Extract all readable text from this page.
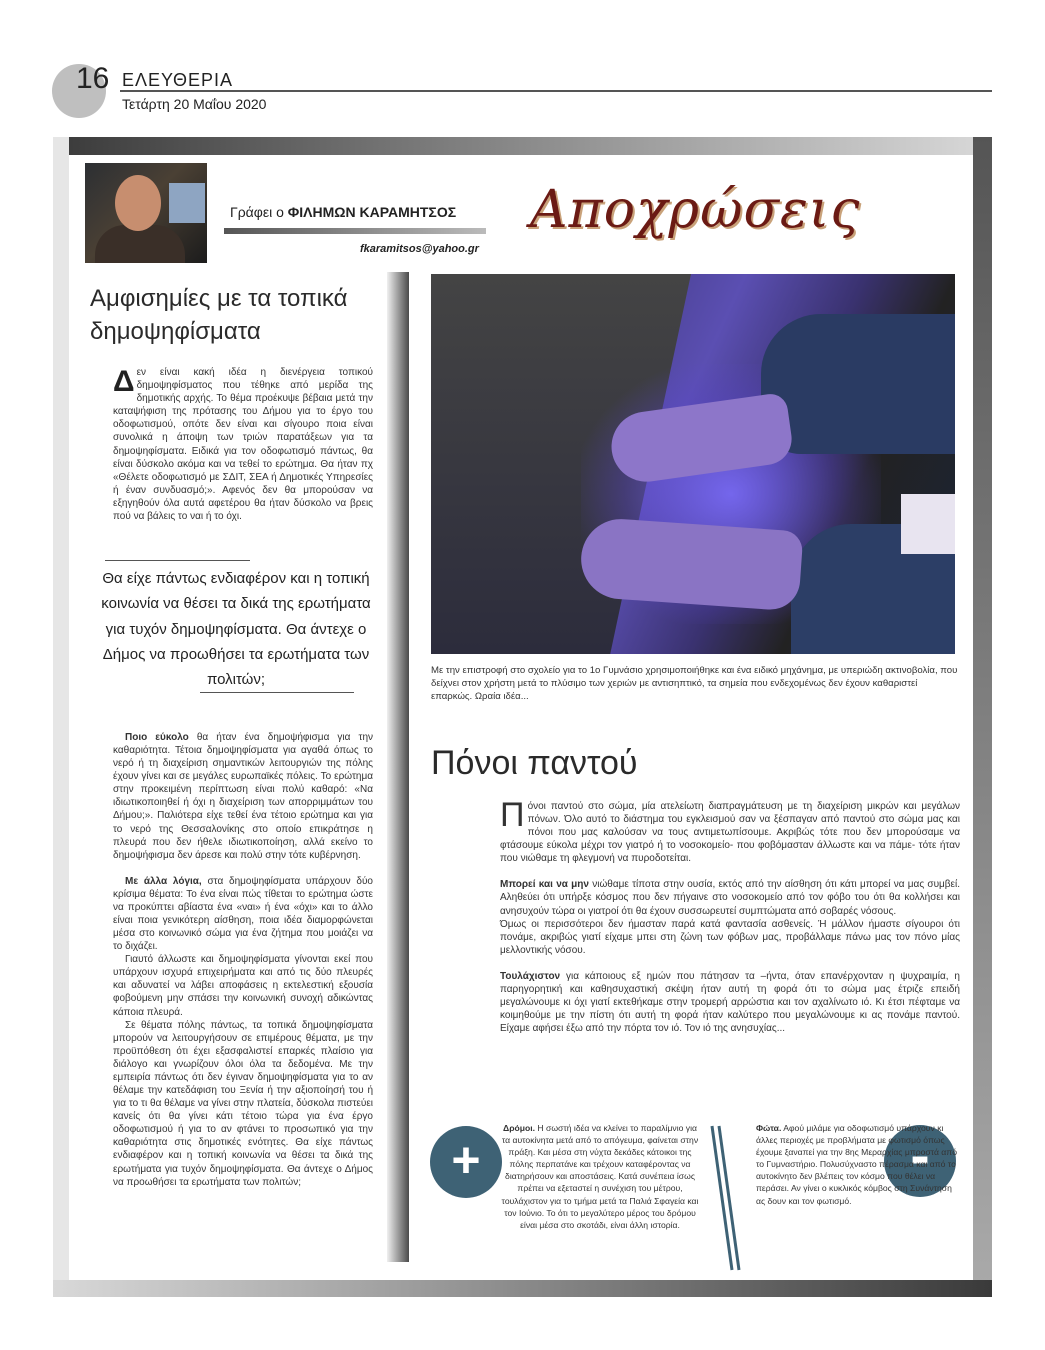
16 ΕΛΕΥΘΕΡΙΑ
Τετάρτη 20 Μαΐου 2020
Γράφει ο ΦΙΛΗΜΩΝ ΚΑΡΑΜΗΤΣΟΣ
fkaramitsos@yahoo.gr
Αποχρώσεις
Αμφισημίες με τα τοπικά δημοψηφίσματα
Δεν είναι κακή ιδέα η διενέργεια τοπικού δημοψηφίσματος που τέθηκε από μερίδα της δημοτικής αρχής. Το θέμα προέκυψε βέβαια μετά την καταψήφιση της πρότασης του Δήμου για το έργο του οδοφωτισμού, οπότε δεν είναι και σίγουρο ποια είναι συνολικά η άποψη των τριών παρατάξεων για τα δημοψηφίσματα. Ειδικά για τον οδοφωτισμό πάντως, θα είναι δύσκολο ακόμα και να τεθεί το ερώτημα. Θα ήταν πχ «Θέλετε οδοφωτισμό με ΣΔΙΤ, ΣΕΑ ή Δημοτικές Υπηρεσίες ή έναν συνδυασμό;». Αφενός δεν θα μπορούσαν να εξηγηθούν όλα αυτά αφετέρου θα ήταν δύσκολο να βρεις πού να βάλεις το ναι ή το όχι.
Θα είχε πάντως ενδιαφέρον και η τοπική κοινωνία να θέσει τα δικά της ερωτήματα για τυχόν δημοψηφίσματα. Θα άντεχε ο Δήμος να προωθήσει τα ερωτήματα των πολιτών;

Ποιο εύκολο θα ήταν ένα δημοψήφισμα για την καθαριότητα. Τέτοια δημοψηφίσματα για αγαθά όπως το νερό ή τη διαχείριση σημαντικών λειτουργιών της πόλης έχουν γίνει και σε μεγάλες ευρωπαϊκές πόλεις. Το ερώτημα στην προκειμένη περίπτωση είναι πολύ καθαρό: «Να ιδιωτικοποιηθεί ή όχι η διαχείριση των απορριμμάτων του Δήμου;». Παλιότερα είχε τεθεί ένα τέτοιο ερώτημα και για το νερό της Θεσσαλονίκης στο οποίο επικράτησε η πλευρά που δεν ήθελε ιδιωτικοποίηση, αλλά εκείνο το δημοψήφισμα δεν άρεσε και πολύ στην τότε κυβέρνηση.

Με άλλα λόγια, στα δημοψηφίσματα υπάρχουν δύο κρίσιμα θέματα: Το ένα είναι πώς τίθεται το ερώτημα ώστε να προκύπτει αβίαστα ένα «ναι» ή ένα «όχι» και το άλλο είναι ποια γενικότερη αίσθηση, ποια ιδέα διαμορφώνεται μέσα στο κοινωνικό σώμα για ένα ζήτημα που μοιάζει να το διχάζει.

Γιαυτό άλλωστε και δημοψηφίσματα γίνονται εκεί που υπάρχουν ισχυρά επιχειρήματα και από τις δύο πλευρές και αδυνατεί να λάβει αποφάσεις η εκτελεστική εξουσία φοβούμενη μην σπάσει την κοινωνική συνοχή αδικώντας κάποια πλευρά.

Σε θέματα πόλης πάντως, τα τοπικά δημοψηφίσματα μπορούν να λειτουργήσουν σε επιμέρους θέματα, με την προϋπόθεση ότι έχει εξασφαλιστεί επαρκές πλαίσιο για διάλογο και γνωρίζουν όλοι όλα τα δεδομένα. Με την εμπειρία πάντως ότι δεν έγιναν δημοψηφίσματα για το αν θέλαμε την κατεδάφιση του Ξενία ή την αξιοποίησή του ή για το τι θα θέλαμε να γίνει στην πλατεία, δύσκολα πιστεύει κανείς ότι θα γίνει κάτι τέτοιο τώρα για ένα έργο οδοφωτισμού ή για το αν φτάνει το προσωπικό για την καθαριότητα στις δημοτικές ενότητες. Θα είχε πάντως ενδιαφέρον και η τοπική κοινωνία να θέσει τα δικά της ερωτήματα για τυχόν δημοψηφίσματα. Θα άντεχε ο Δήμος να προωθήσει τα ερωτήματα των πολιτών;

Με την επιστροφή στο σχολείο για το 1ο Γυμνάσιο χρησιμοποιήθηκε και ένα ειδικό μηχάνημα, με υπεριώδη ακτινοβολία, που δείχνει στον χρήστη μετά το πλύσιμο των χεριών με αντισηπτικό, τα σημεία που ενδεχομένως δεν έχουν καθαριστεί επαρκώς. Ωραία ιδέα...
Πόνοι παντού

Πόνοι παντού στο σώμα, μία ατελείωτη διαπραγμάτευση με τη διαχείριση μικρών και μεγάλων πόνων. Όλο αυτό το διάστημα του εγκλεισμού σαν να ξέσπαγαν από παντού στο σώμα μας και πόνοι που μας καλούσαν να τους αντιμετωπίσουμε. Ακριβώς τότε που δεν μπορούσαμε να φτάσουμε εύκολα μέχρι τον γιατρό ή το νοσοκομείο- που φοβόμασταν άλλωστε και να πάμε- τότε ήταν που νιώθαμε τη φλεγμονή να πυροδοτείται.

Μπορεί και να μην νιώθαμε τίποτα στην ουσία, εκτός από την αίσθηση ότι κάτι μπορεί να μας συμβεί. Αληθεύει ότι υπήρξε κόσμος που δεν πήγαινε στο νοσοκομείο από τον φόβο του ότι θα κολλήσει και ανησυχούν τώρα οι γιατροί ότι θα έχουν συσσωρευτεί συμπτώματα από σοβαρές νόσους.

Όμως οι περισσότεροι δεν ήμασταν παρά κατά φαντασία ασθενείς. Ή μάλλον ήμαστε σίγουροι ότι πονάμε, ακριβώς γιατί είχαμε μπει στη ζώνη των φόβων μας, προβάλλαμε πάνω μας τον πόνο μίας μελλοντικής νόσου.

Τουλάχιστον για κάποιους εξ ημών που πάτησαν τα –ήντα, όταν επανέρχονταν η ψυχραιμία, η παρηγορητική και καθησυχαστική σκέψη ήταν αυτή τη φορά ότι το σώμα μας έτριζε επειδή μεγαλώνουμε κι όχι γιατί εκτεθήκαμε στην τρομερή αρρώστια και τον αχαλίνωτο ιό. Κι έτσι πέφταμε να κοιμηθούμε με την πίστη ότι αυτή τη φορά ήταν καλύτερο που μεγαλώνουμε κι ας πονάμε παντού. Είχαμε αφήσει έξω από την πόρτα τον ιό. Τον ιό της ανησυχίας...

+
Δρόμοι. Η σωστή ιδέα να κλείνει το παραλίμνιο για τα αυτοκίνητα μετά από το απόγευμα, φαίνεται στην πράξη. Και μέσα στη νύχτα δεκάδες κάτοικοι της πόλης περπατάνε και τρέχουν καταφέροντας να διατηρήσουν και αποστάσεις. Κατά συνέπεια ίσως πρέπει να εξεταστεί η συνέχιση του μέτρου, τουλάχιστον για το τμήμα μετά τα Παλιά Σφαγεία και τον Ιούνιο. Το ότι το μεγαλύτερο μέρος του δρόμου είναι μέσα στο σκοτάδι, είναι άλλη ιστορία.
-
Φώτα. Αφού μιλάμε για οδοφωτισμό υπάρχουν κι άλλες περιοχές με προβλήματα με φωτισμό όπως έχουμε ξαναπεί για την 8ης Μεραρχίας μπροστά από το Γυμναστήριο. Πολυσύχναστο πέρασμα και από το αυτοκίνητο δεν βλέπεις τον κόσμο που θέλει να περάσει. Αν γίνει ο κυκλικός κόμβος στη Συνάντηση ας δουν και τον φωτισμό.
